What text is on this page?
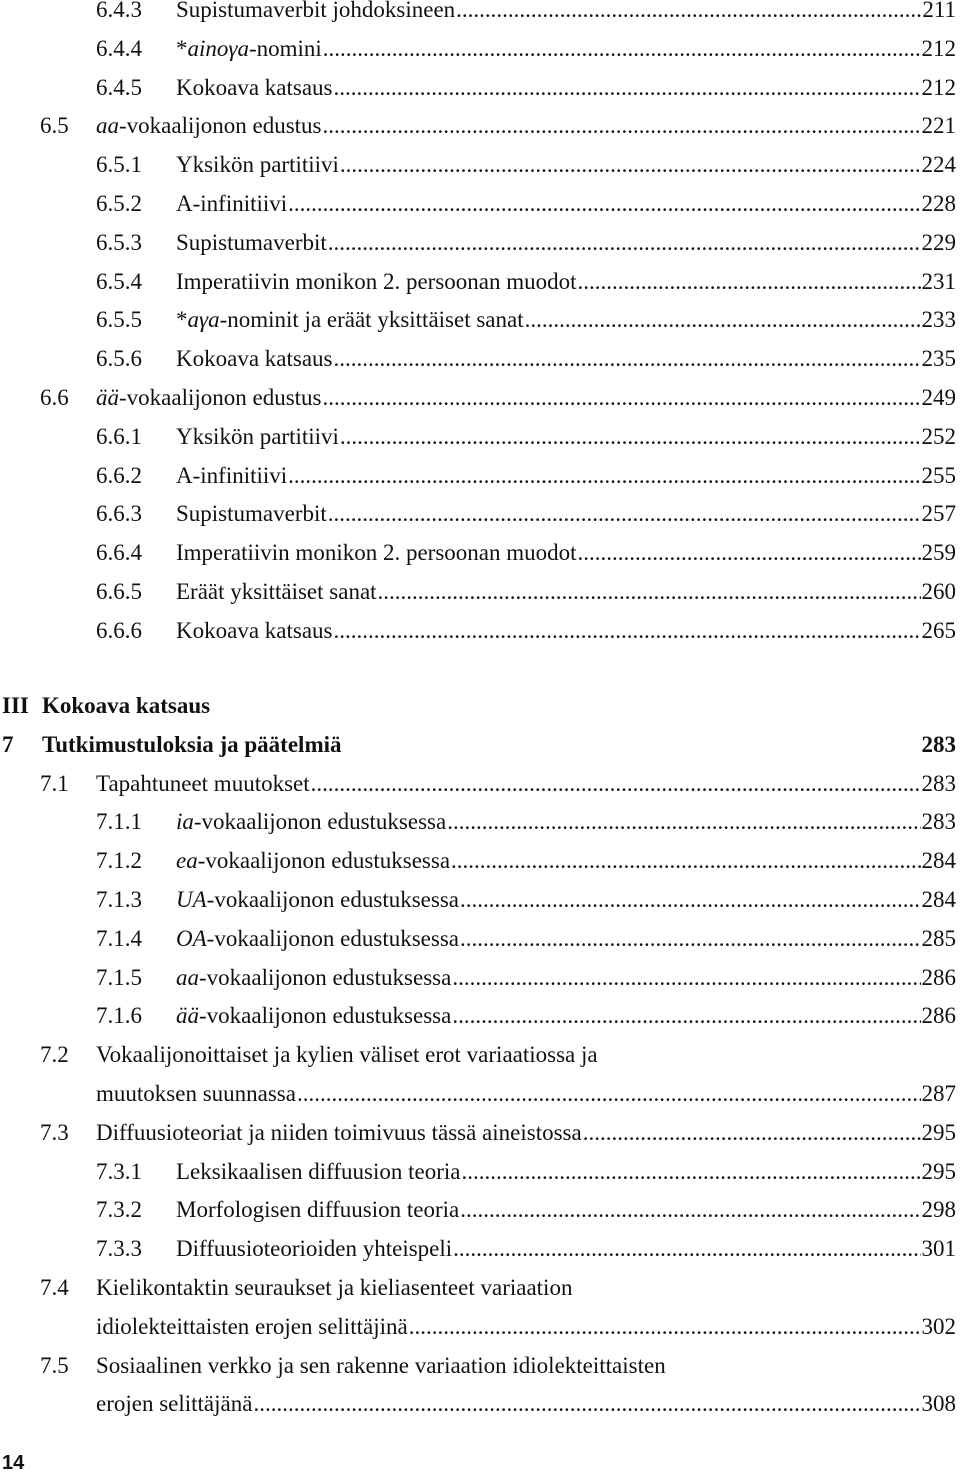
6.4.3 Supistumaverbit johdoksineen .....	211
6.4.4 *ainoγa-nomini .....	212
6.4.5 Kokoava katsaus .....	212
6.5 aa-vokaalijonon edustus .....	221
6.5.1 Yksikön partitiivi .....	224
6.5.2 A-infinitiivi .....	228
6.5.3 Supistumaverbit .....	229
6.5.4 Imperatiivin monikon 2. persoonan muodot .....	231
6.5.5 *aγa-nominit ja eräät yksittäiset sanat .....	233
6.5.6 Kokoava katsaus .....	235
6.6 ää-vokaalijonon edustus .....	249
6.6.1 Yksikön partitiivi .....	252
6.6.2 A-infinitiivi .....	255
6.6.3 Supistumaverbit .....	257
6.6.4 Imperatiivin monikon 2. persoonan muodot .....	259
6.6.5 Eräät yksittäiset sanat .....	260
6.6.6 Kokoava katsaus .....	265
III Kokoava katsaus
7 Tutkimustuloksia ja päätelmiä	283
7.1 Tapahtuneet muutokset .....	283
7.1.1 ia-vokaalijonon edustuksessa .....	283
7.1.2 ea-vokaalijonon edustuksessa .....	284
7.1.3 UA-vokaalijonon edustuksessa .....	284
7.1.4 OA-vokaalijonon edustuksessa .....	285
7.1.5 aa-vokaalijonon edustuksessa .....	286
7.1.6 ää-vokaalijonon edustuksessa .....	286
7.2 Vokaalijonoittaiset ja kylien väliset erot variaatiossa ja
muutoksen suunnassa .....	287
7.3 Diffuusioteoriat ja niiden toimivuus tässä aineistossa .....	295
7.3.1 Leksikaalisen diffuusion teoria .....	295
7.3.2 Morfologisen diffuusion teoria .....	298
7.3.3 Diffuusioteorioiden yhteispeli .....	301
7.4 Kielikontaktin seuraukset ja kieliasenteet variaation
idiolekteittaisten erojen selittäjinä .....	302
7.5 Sosiaalinen verkko ja sen rakenne variaation idiolekteittaisten
erojen selittäjänä .....	308
14
